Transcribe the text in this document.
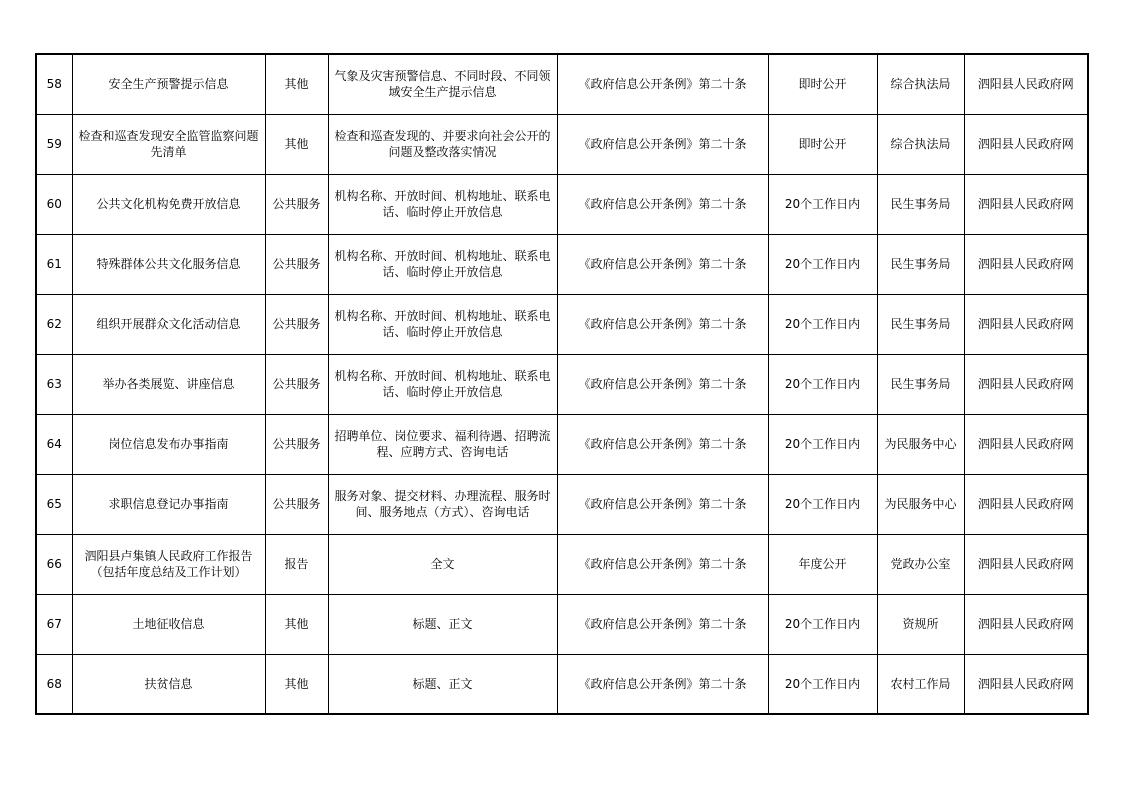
58	安全生产预警提示信息	其他	气象及灾害预警信息、不同时段、不同领域安全生产提示信息	《政府信息公开条例》第二十条	即时公开	综合执法局	泗阳县人民政府网
59	检查和巡查发现安全监管监察问题先清单	其他	检查和巡查发现的、并要求向社会公开的问题及整改落实情况	《政府信息公开条例》第二十条	即时公开	综合执法局	泗阳县人民政府网
60	公共文化机构免费开放信息	公共服务	机构名称、开放时间、机构地址、联系电话、临时停止开放信息	《政府信息公开条例》第二十条	20个工作日内	民生事务局	泗阳县人民政府网
61	特殊群体公共文化服务信息	公共服务	机构名称、开放时间、机构地址、联系电话、临时停止开放信息	《政府信息公开条例》第二十条	20个工作日内	民生事务局	泗阳县人民政府网
62	组织开展群众文化活动信息	公共服务	机构名称、开放时间、机构地址、联系电话、临时停止开放信息	《政府信息公开条例》第二十条	20个工作日内	民生事务局	泗阳县人民政府网
63	举办各类展览、讲座信息	公共服务	机构名称、开放时间、机构地址、联系电话、临时停止开放信息	《政府信息公开条例》第二十条	20个工作日内	民生事务局	泗阳县人民政府网
64	岗位信息发布办事指南	公共服务	招聘单位、岗位要求、福利待遇、招聘流程、应聘方式、咨询电话	《政府信息公开条例》第二十条	20个工作日内	为民服务中心	泗阳县人民政府网
65	求职信息登记办事指南	公共服务	服务对象、提交材料、办理流程、服务时间、服务地点（方式）、咨询电话	《政府信息公开条例》第二十条	20个工作日内	为民服务中心	泗阳县人民政府网
66	泗阳县卢集镇人民政府工作报告（包括年度总结及工作计划）	报告	全文	《政府信息公开条例》第二十条	年度公开	党政办公室	泗阳县人民政府网
67	土地征收信息	其他	标题、正文	《政府信息公开条例》第二十条	20个工作日内	资规所	泗阳县人民政府网
68	扶贫信息	其他	标题、正文	《政府信息公开条例》第二十条	20个工作日内	农村工作局	泗阳县人民政府网
